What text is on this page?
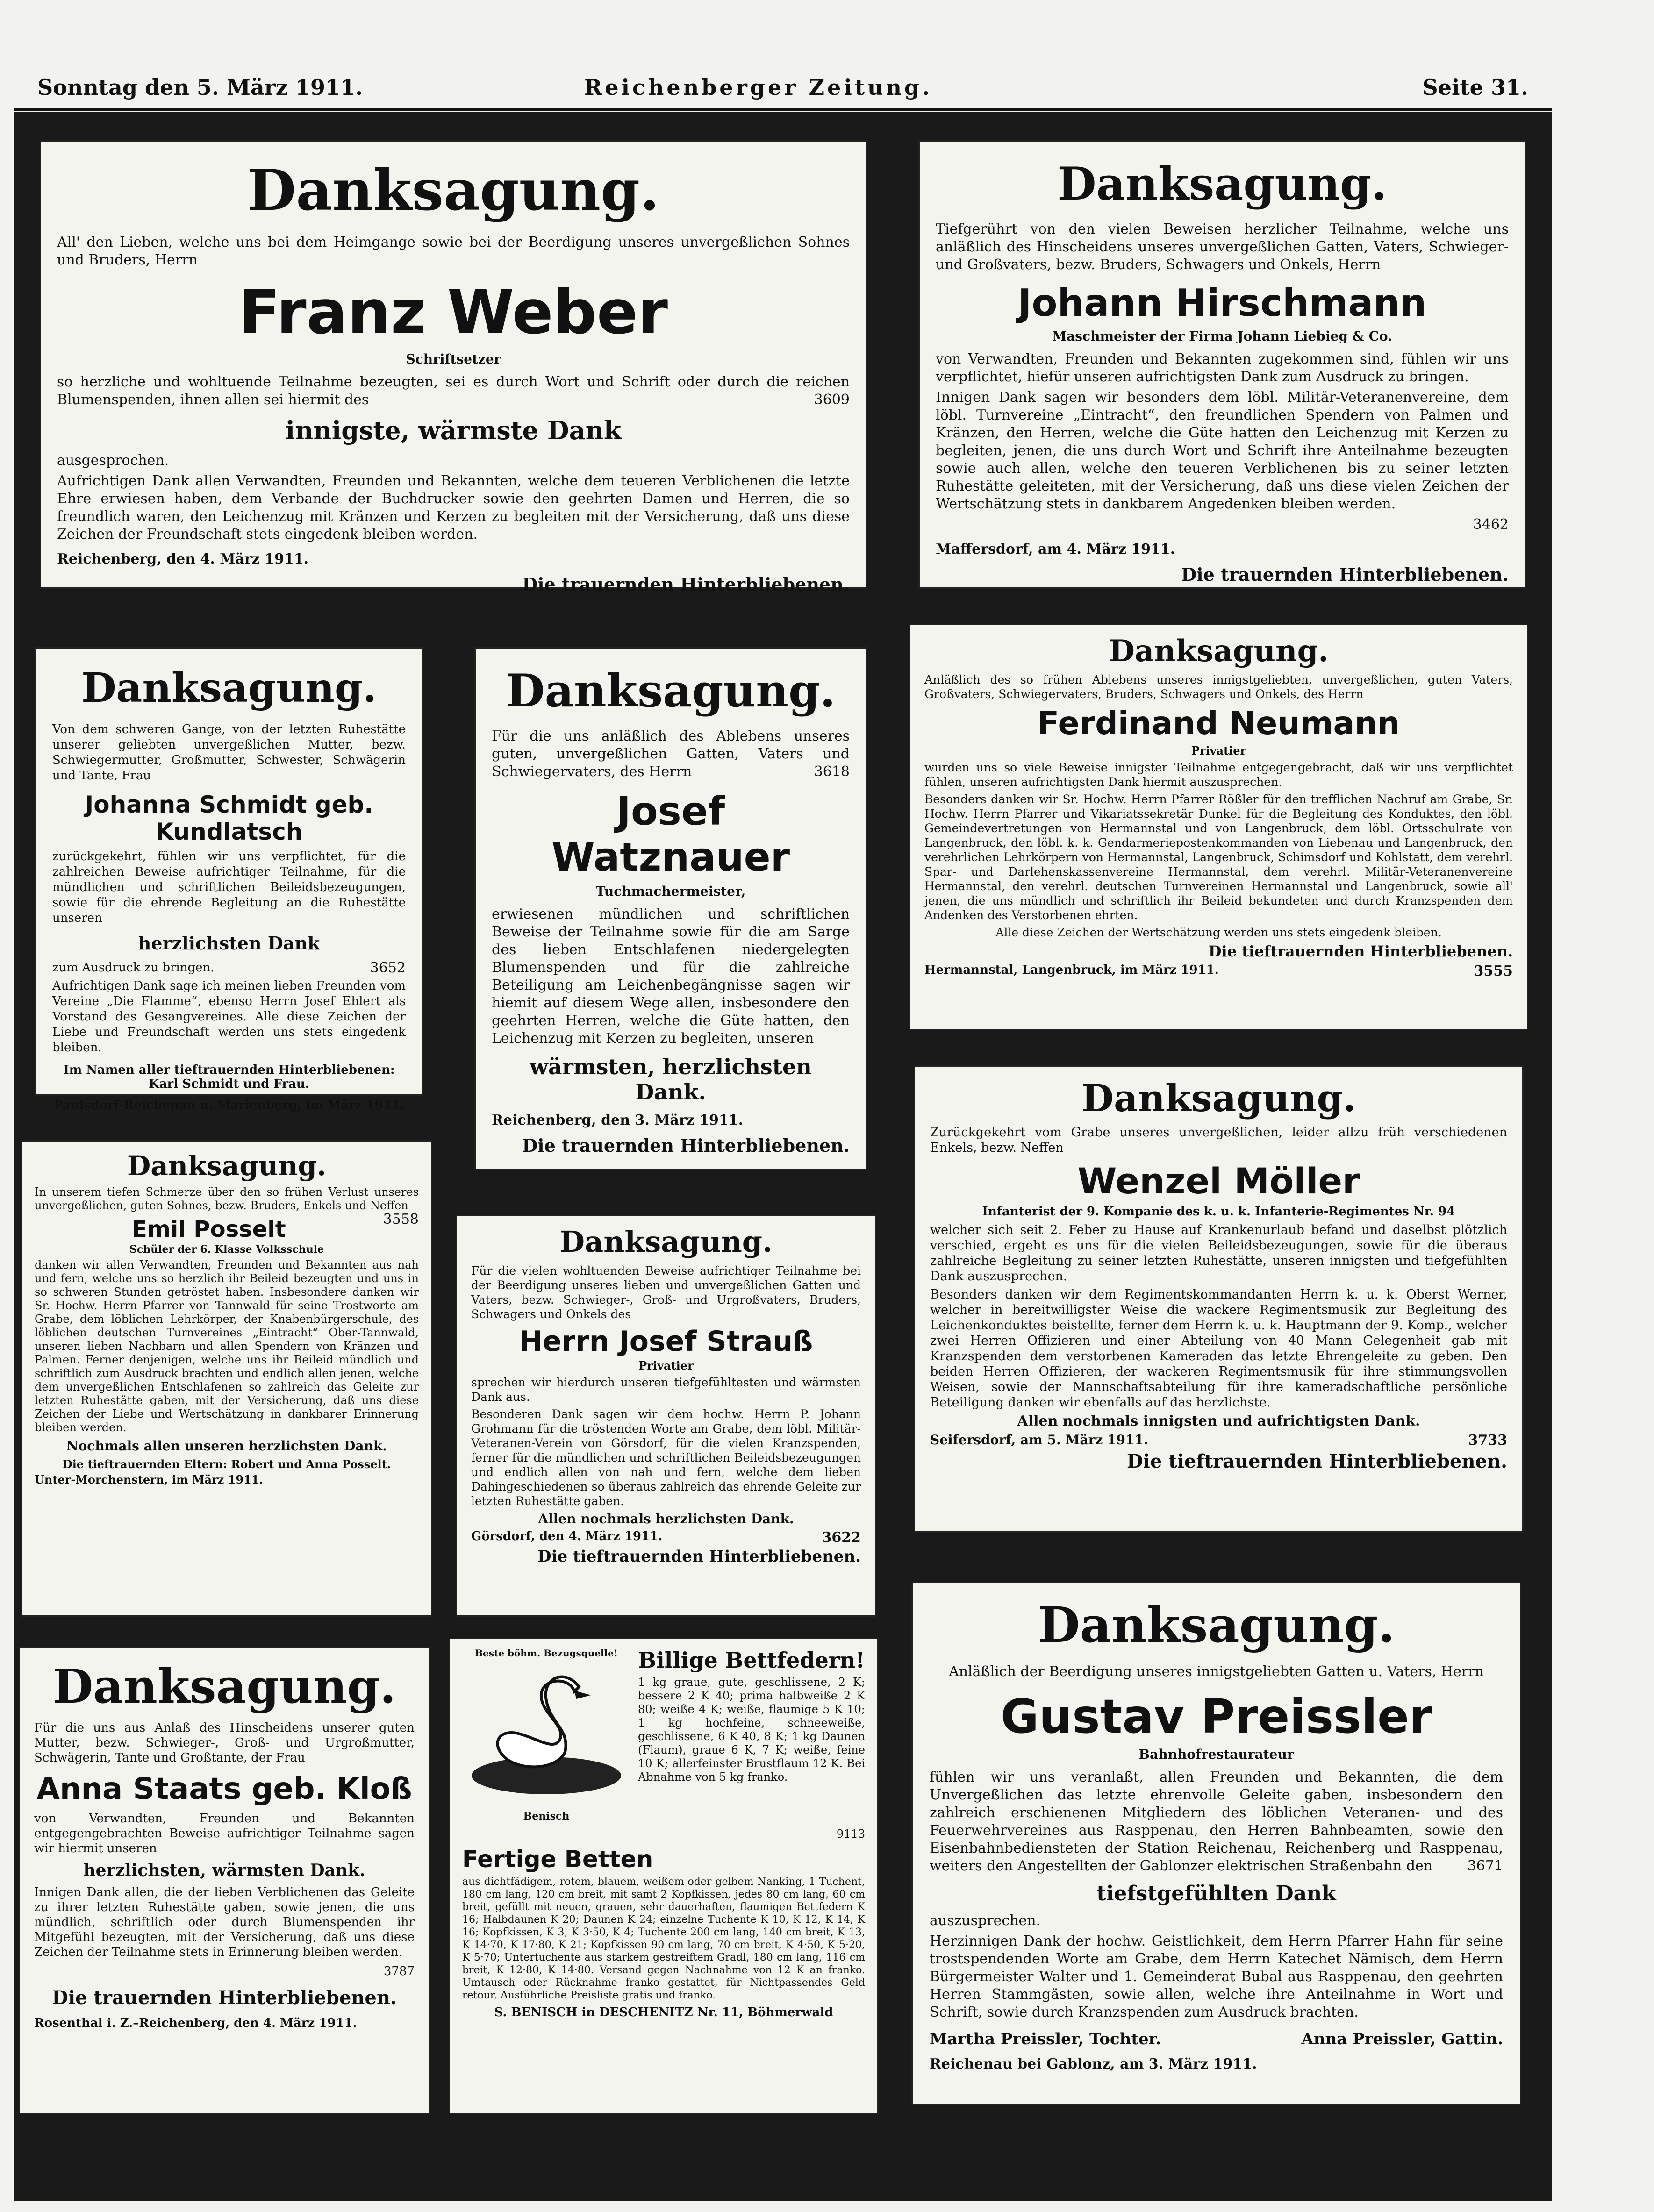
Sonntag den 5. März 1911.	Reichenberger Zeitung.	Seite 31.
Danksagung.
All' den Lieben, welche uns bei dem Heimgange sowie bei der Beerdigung unseres unvergeßlichen Sohnes und Bruders, Herrn
Franz Weber
Schriftsetzer
so herzliche und wohltuende Teilnahme bezeugten, sei es durch Wort und Schrift oder durch die reichen Blumenspenden, ihnen allen sei hiermit des	3609
innigste, wärmste Dank
ausgesprochen.
Aufrichtigen Dank allen Verwandten, Freunden und Bekannten, welche dem teueren Verblichenen die letzte Ehre erwiesen haben, dem Verbande der Buchdrucker sowie den geehrten Damen und Herren, die so freundlich waren, den Leichenzug mit Kränzen und Kerzen zu begleiten mit der Versicherung, daß uns diese Zeichen der Freundschaft stets eingedenk bleiben werden.
Reichenberg, den 4. März 1911.
Die trauernden Hinterbliebenen.
Danksagung.
Tiefgerührt von den vielen Beweisen herzlicher Teilnahme, welche uns anläßlich des Hinscheidens unseres unvergeßlichen Gatten, Vaters, Schwieger- und Großvaters, bezw. Bruders, Schwagers und Onkels, Herrn
Johann Hirschmann
Maschmeister der Firma Johann Liebieg & Co.
von Verwandten, Freunden und Bekannten zugekommen sind, fühlen wir uns verpflichtet, hiefür unseren aufrichtigsten Dank zum Ausdruck zu bringen.
Innigen Dank sagen wir besonders dem löbl. Militär-Veteranenvereine, dem löbl. Turnvereine „Eintracht“, den freundlichen Spendern von Palmen und Kränzen, den Herren, welche die Güte hatten den Leichenzug mit Kerzen zu begleiten, jenen, die uns durch Wort und Schrift ihre Anteilnahme bezeugten sowie auch allen, welche den teueren Verblichenen bis zu seiner letzten Ruhestätte geleiteten, mit der Versicherung, daß uns diese vielen Zeichen der Wertschätzung stets in dankbarem Angedenken bleiben werden.
3462
Maffersdorf, am 4. März 1911.
Die trauernden Hinterbliebenen.
Danksagung.
Von dem schweren Gange, von der letzten Ruhestätte unserer geliebten unvergeßlichen Mutter, bezw. Schwiegermutter, Großmutter, Schwester, Schwägerin und Tante, Frau
Johanna Schmidt geb. Kundlatsch
zurückgekehrt, fühlen wir uns verpflichtet, für die zahlreichen Beweise aufrichtiger Teilnahme, für die mündlichen und schriftlichen Beileidsbezeugungen, sowie für die ehrende Begleitung an die Ruhestätte unseren
herzlichsten Dank
zum Ausdruck zu bringen.	3652
Aufrichtigen Dank sage ich meinen lieben Freunden vom Vereine „Die Flamme“, ebenso Herrn Josef Ehlert als Vorstand des Gesangvereines. Alle diese Zeichen der Liebe und Freundschaft werden uns stets eingedenk bleiben.
Im Namen aller tieftrauernden Hinterbliebenen: Karl Schmidt und Frau.
Paulsdorf-Reichenau u. Marienberg, im März 1911.
Danksagung.
Für die uns anläßlich des Ablebens unseres guten, unvergeßlichen Gatten, Vaters und Schwiegervaters, des Herrn	3618
Josef Watznauer
Tuchmachermeister,
erwiesenen mündlichen und schriftlichen Beweise der Teilnahme sowie für die am Sarge des lieben Entschlafenen niedergelegten Blumenspenden und für die zahlreiche Beteiligung am Leichenbegängnisse sagen wir hiemit auf diesem Wege allen, insbesondere den geehrten Herren, welche die Güte hatten, den Leichenzug mit Kerzen zu begleiten, unseren
wärmsten, herzlichsten Dank.
Reichenberg, den 3. März 1911.
Die trauernden Hinterbliebenen.
Danksagung.
Anläßlich des so frühen Ablebens unseres innigstgeliebten, unvergeßlichen, guten Vaters, Großvaters, Schwiegervaters, Bruders, Schwagers und Onkels, des Herrn
Ferdinand Neumann
Privatier
wurden uns so viele Beweise innigster Teilnahme entgegengebracht, daß wir uns verpflichtet fühlen, unseren aufrichtigsten Dank hiermit auszusprechen.
Besonders danken wir Sr. Hochw. Herrn Pfarrer Rößler für den trefflichen Nachruf am Grabe, Sr. Hochw. Herrn Pfarrer und Vikariatssekretär Dunkel für die Begleitung des Konduktes, den löbl. Gemeindevertretungen von Hermannstal und von Langenbruck, dem löbl. Ortsschulrate von Langenbruck, den löbl. k. k. Gendarmeriepostenkommanden von Liebenau und Langenbruck, den verehrlichen Lehrkörpern von Hermannstal, Langenbruck, Schimsdorf und Kohlstatt, dem verehrl. Spar- und Darlehenskassenvereine Hermannstal, dem verehrl. Militär-Veteranenvereine Hermannstal, den verehrl. deutschen Turnvereinen Hermannstal und Langenbruck, sowie all' jenen, die uns mündlich und schriftlich ihr Beileid bekundeten und durch Kranzspenden dem Andenken des Verstorbenen ehrten.
Alle diese Zeichen der Wertschätzung werden uns stets eingedenk bleiben.
Die tieftrauernden Hinterbliebenen.
Hermannstal, Langenbruck, im März 1911.	3555
Danksagung.
In unserem tiefen Schmerze über den so frühen Verlust unseres unvergeßlichen, guten Sohnes, bezw. Bruders, Enkels und Neffen
3558
Emil Posselt
Schüler der 6. Klasse Volksschule
danken wir allen Verwandten, Freunden und Bekannten aus nah und fern, welche uns so herzlich ihr Beileid bezeugten und uns in so schweren Stunden getröstet haben. Insbesondere danken wir Sr. Hochw. Herrn Pfarrer von Tannwald für seine Trostworte am Grabe, dem löblichen Lehrkörper, der Knabenbürgerschule, des löblichen deutschen Turnvereines „Eintracht“ Ober-Tannwald, unseren lieben Nachbarn und allen Spendern von Kränzen und Palmen. Ferner denjenigen, welche uns ihr Beileid mündlich und schriftlich zum Ausdruck brachten und endlich allen jenen, welche dem unvergeßlichen Entschlafenen so zahlreich das Geleite zur letzten Ruhestätte gaben, mit der Versicherung, daß uns diese Zeichen der Liebe und Wertschätzung in dankbarer Erinnerung bleiben werden.
Nochmals allen unseren herzlichsten Dank.
Die tieftrauernden Eltern: Robert und Anna Posselt.
Unter-Morchenstern, im März 1911.
Danksagung.
Für die vielen wohltuenden Beweise aufrichtiger Teilnahme bei der Beerdigung unseres lieben und unvergeßlichen Gatten und Vaters, bezw. Schwieger-, Groß- und Urgroßvaters, Bruders, Schwagers und Onkels des
Herrn Josef Strauß
Privatier
sprechen wir hierdurch unseren tiefgefühltesten und wärmsten Dank aus.
Besonderen Dank sagen wir dem hochw. Herrn P. Johann Grohmann für die tröstenden Worte am Grabe, dem löbl. Militär-Veteranen-Verein von Görsdorf, für die vielen Kranzspenden, ferner für die mündlichen und schriftlichen Beileidsbezeugungen und endlich allen von nah und fern, welche dem lieben Dahingeschiedenen so überaus zahlreich das ehrende Geleite zur letzten Ruhestätte gaben.
Allen nochmals herzlichsten Dank.
Görsdorf, den 4. März 1911.	3622
Die tieftrauernden Hinterbliebenen.
Danksagung.
Zurückgekehrt vom Grabe unseres unvergeßlichen, leider allzu früh verschiedenen Enkels, bezw. Neffen
Wenzel Möller
Infanterist der 9. Kompanie des k. u. k. Infanterie-Regimentes Nr. 94
welcher sich seit 2. Feber zu Hause auf Krankenurlaub befand und daselbst plötzlich verschied, ergeht es uns für die vielen Beileidsbezeugungen, sowie für die überaus zahlreiche Begleitung zu seiner letzten Ruhestätte, unseren innigsten und tiefgefühlten Dank auszusprechen.
Besonders danken wir dem Regimentskommandanten Herrn k. u. k. Oberst Werner, welcher in bereitwilligster Weise die wackere Regimentsmusik zur Begleitung des Leichenkonduktes beistellte, ferner dem Herrn k. u. k. Hauptmann der 9. Komp., welcher zwei Herren Offizieren und einer Abteilung von 40 Mann Gelegenheit gab mit Kranzspenden dem verstorbenen Kameraden das letzte Ehrengeleite zu geben. Den beiden Herren Offizieren, der wackeren Regimentsmusik für ihre stimmungsvollen Weisen, sowie der Mannschaftsabteilung für ihre kameradschaftliche persönliche Beteiligung danken wir ebenfalls auf das herzlichste.
Allen nochmals innigsten und aufrichtigsten Dank.
Seifersdorf, am 5. März 1911.	3733
Die tieftrauernden Hinterbliebenen.
Danksagung.
Für die uns aus Anlaß des Hinscheidens unserer guten Mutter, bezw. Schwieger-, Groß- und Urgroßmutter, Schwägerin, Tante und Großtante, der Frau
Anna Staats geb. Kloß
von Verwandten, Freunden und Bekannten entgegengebrachten Beweise aufrichtiger Teilnahme sagen wir hiermit unseren
herzlichsten, wärmsten Dank.
Innigen Dank allen, die der lieben Verblichenen das Geleite zu ihrer letzten Ruhestätte gaben, sowie jenen, die uns mündlich, schriftlich oder durch Blumenspenden ihr Mitgefühl bezeugten, mit der Versicherung, daß uns diese Zeichen der Teilnahme stets in Erinnerung bleiben werden.
3787
Die trauernden Hinterbliebenen.
Rosenthal i. Z.–Reichenberg, den 4. März 1911.
Beste böhm. Bezugsquelle!
Benisch
Billige Bettfedern!
1 kg graue, gute, geschlissene, 2 K; bessere 2 K 40; prima halbweiße 2 K 80; weiße 4 K; weiße, flaumige 5 K 10; 1 kg hochfeine, schneeweiße, geschlissene, 6 K 40, 8 K; 1 kg Daunen (Flaum), graue 6 K, 7 K; weiße, feine 10 K; allerfeinster Brustflaum 12 K. Bei Abnahme von 5 kg franko.
9113
Fertige Betten
aus dichtfädigem, rotem, blauem, weißem oder gelbem Nanking, 1 Tuchent, 180 cm lang, 120 cm breit, mit samt 2 Kopfkissen, jedes 80 cm lang, 60 cm breit, gefüllt mit neuen, grauen, sehr dauerhaften, flaumigen Bettfedern K 16; Halbdaunen K 20; Daunen K 24; einzelne Tuchente K 10, K 12, K 14, K 16; Kopfkissen, K 3, K 3·50, K 4; Tuchente 200 cm lang, 140 cm breit, K 13, K 14·70, K 17·80, K 21; Kopfkissen 90 cm lang, 70 cm breit, K 4·50, K 5·20, K 5·70; Untertuchente aus starkem gestreiftem Gradl, 180 cm lang, 116 cm breit, K 12·80, K 14·80. Versand gegen Nachnahme von 12 K an franko. Umtausch oder Rücknahme franko gestattet, für Nichtpassendes Geld retour. Ausführliche Preisliste gratis und franko.
S. BENISCH in DESCHENITZ Nr. 11, Böhmerwald
Danksagung.
Anläßlich der Beerdigung unseres innigstgeliebten Gatten u. Vaters, Herrn
Gustav Preissler
Bahnhofrestaurateur
fühlen wir uns veranlaßt, allen Freunden und Bekannten, die dem Unvergeßlichen das letzte ehrenvolle Geleite gaben, insbesondern den zahlreich erschienenen Mitgliedern des löblichen Veteranen- und des Feuerwehrvereines aus Rasppenau, den Herren Bahnbeamten, sowie den Eisenbahnbediensteten der Station Reichenau, Reichenberg und Rasppenau, weiters den Angestellten der Gablonzer elektrischen Straßenbahn den 3671
tiefstgefühlten Dank
auszusprechen.
Herzinnigen Dank der hochw. Geistlichkeit, dem Herrn Pfarrer Hahn für seine trostspendenden Worte am Grabe, dem Herrn Katechet Nämisch, dem Herrn Bürgermeister Walter und 1. Gemeinderat Bubal aus Rasppenau, den geehrten Herren Stammgästen, sowie allen, welche ihre Anteilnahme in Wort und Schrift, sowie durch Kranzspenden zum Ausdruck brachten.
Martha Preissler, Tochter.	Anna Preissler, Gattin.
Reichenau bei Gablonz, am 3. März 1911.
